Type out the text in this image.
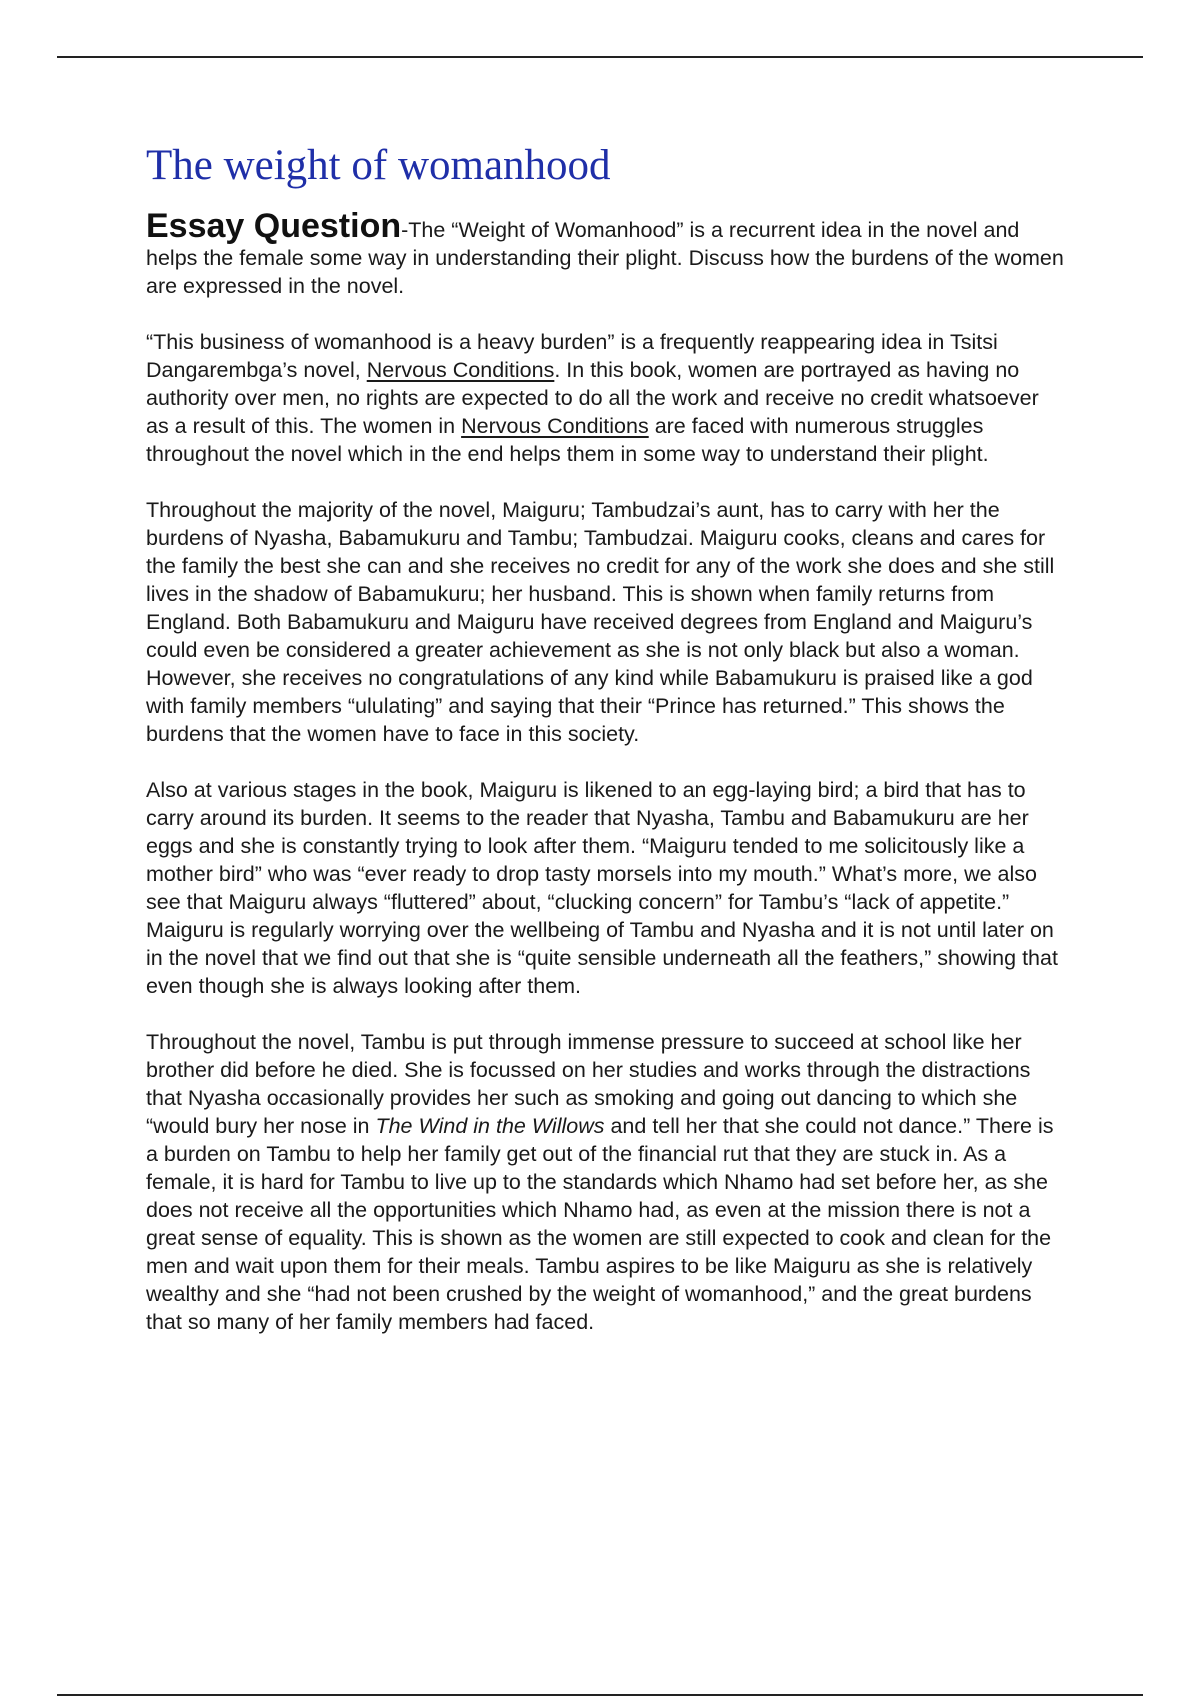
The weight of womanhood

Essay Question-The “Weight of Womanhood” is a recurrent idea in the novel and helps the female some way in understanding their plight. Discuss how the burdens of the women are expressed in the novel.

“This business of womanhood is a heavy burden” is a frequently reappearing idea in Tsitsi Dangarembga’s novel, Nervous Conditions. In this book, women are portrayed as having no authority over men, no rights are expected to do all the work and receive no credit whatsoever as a result of this. The women in Nervous Conditions are faced with numerous struggles throughout the novel which in the end helps them in some way to understand their plight.

Throughout the majority of the novel, Maiguru; Tambudzai’s aunt, has to carry with her the burdens of Nyasha, Babamukuru and Tambu; Tambudzai. Maiguru cooks, cleans and cares for the family the best she can and she receives no credit for any of the work she does and she still lives in the shadow of Babamukuru; her husband. This is shown when family returns from England. Both Babamukuru and Maiguru have received degrees from England and Maiguru’s could even be considered a greater achievement as she is not only black but also a woman. However, she receives no congratulations of any kind while Babamukuru is praised like a god with family members “ululating” and saying that their “Prince has returned.” This shows the burdens that the women have to face in this society.

Also at various stages in the book, Maiguru is likened to an egg-laying bird; a bird that has to carry around its burden. It seems to the reader that Nyasha, Tambu and Babamukuru are her eggs and she is constantly trying to look after them. “Maiguru tended to me solicitously like a mother bird” who was “ever ready to drop tasty morsels into my mouth.” What’s more, we also see that Maiguru always “fluttered” about, “clucking concern” for Tambu’s “lack of appetite.” Maiguru is regularly worrying over the wellbeing of Tambu and Nyasha and it is not until later on in the novel that we find out that she is “quite sensible underneath all the feathers,” showing that even though she is always looking after them.

Throughout the novel, Tambu is put through immense pressure to succeed at school like her brother did before he died. She is focussed on her studies and works through the distractions that Nyasha occasionally provides her such as smoking and going out dancing to which she “would bury her nose in The Wind in the Willows and tell her that she could not dance.” There is a burden on Tambu to help her family get out of the financial rut that they are stuck in. As a female, it is hard for Tambu to live up to the standards which Nhamo had set before her, as she does not receive all the opportunities which Nhamo had, as even at the mission there is not a great sense of equality. This is shown as the women are still expected to cook and clean for the men and wait upon them for their meals. Tambu aspires to be like Maiguru as she is relatively wealthy and she “had not been crushed by the weight of womanhood,” and the great burdens that so many of her family members had faced.
